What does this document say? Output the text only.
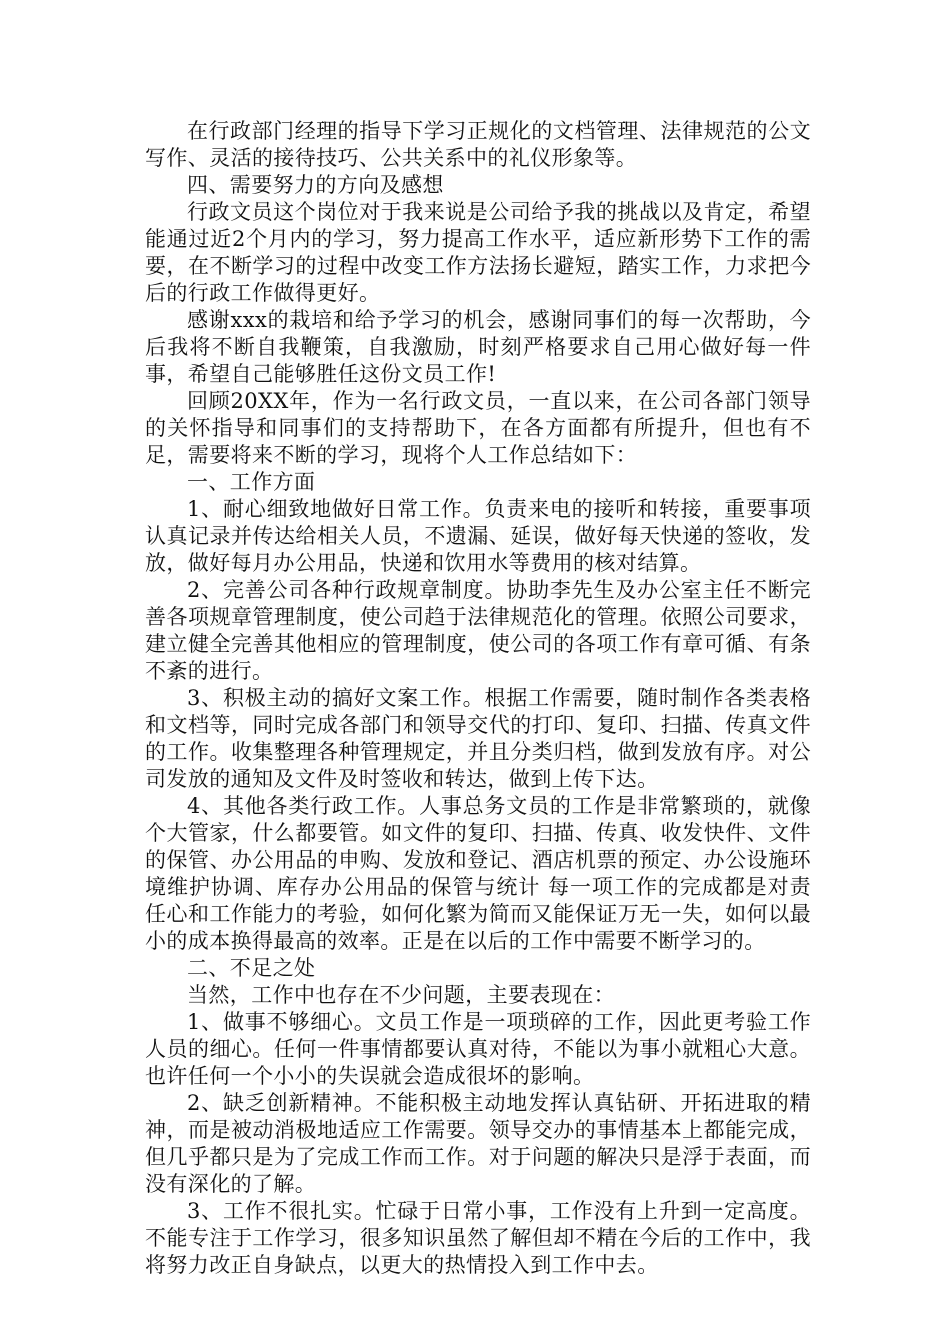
在行政部门经理的指导下学习正规化的文档管理、法律规范的公文写作、灵活的接待技巧、公共关系中的礼仪形象等。

四、需要努力的方向及感想

行政文员这个岗位对于我来说是公司给予我的挑战以及肯定，希望能通过近2个月内的学习，努力提高工作水平，适应新形势下工作的需要，在不断学习的过程中改变工作方法扬长避短，踏实工作，力求把今后的行政工作做得更好。

感谢xxx的栽培和给予学习的机会，感谢同事们的每一次帮助，今后我将不断自我鞭策，自我激励，时刻严格要求自己用心做好每一件事，希望自己能够胜任这份文员工作!

回顾20XX年，作为一名行政文员，一直以来，在公司各部门领导的关怀指导和同事们的支持帮助下，在各方面都有所提升，但也有不足，需要将来不断的学习，现将个人工作总结如下：

一、工作方面

1、耐心细致地做好日常工作。负责来电的接听和转接，重要事项认真记录并传达给相关人员，不遗漏、延误，做好每天快递的签收，发放，做好每月办公用品，快递和饮用水等费用的核对结算。

2、完善公司各种行政规章制度。协助李先生及办公室主任不断完善各项规章管理制度，使公司趋于法律规范化的管理。依照公司要求，建立健全完善其他相应的管理制度，使公司的各项工作有章可循、有条不紊的进行。

3、积极主动的搞好文案工作。根据工作需要，随时制作各类表格和文档等，同时完成各部门和领导交代的打印、复印、扫描、传真文件的工作。收集整理各种管理规定，并且分类归档，做到发放有序。对公司发放的通知及文件及时签收和转达，做到上传下达。

4、其他各类行政工作。人事总务文员的工作是非常繁琐的，就像个大管家，什么都要管。如文件的复印、扫描、传真、收发快件、文件的保管、办公用品的申购、发放和登记、酒店机票的预定、办公设施环境维护协调、库存办公用品的保管与统计 每一项工作的完成都是对责任心和工作能力的考验，如何化繁为简而又能保证万无一失，如何以最小的成本换得最高的效率。正是在以后的工作中需要不断学习的。

二、不足之处

当然，工作中也存在不少问题，主要表现在：

1、做事不够细心。文员工作是一项琐碎的工作，因此更考验工作人员的细心。任何一件事情都要认真对待，不能以为事小就粗心大意。也许任何一个小小的失误就会造成很坏的影响。

2、缺乏创新精神。不能积极主动地发挥认真钻研、开拓进取的精神，而是被动消极地适应工作需要。领导交办的事情基本上都能完成，但几乎都只是为了完成工作而工作。对于问题的解决只是浮于表面，而没有深化的了解。

3、工作不很扎实。忙碌于日常小事，工作没有上升到一定高度。不能专注于工作学习，很多知识虽然了解但却不精在今后的工作中，我将努力改正自身缺点，以更大的热情投入到工作中去。
